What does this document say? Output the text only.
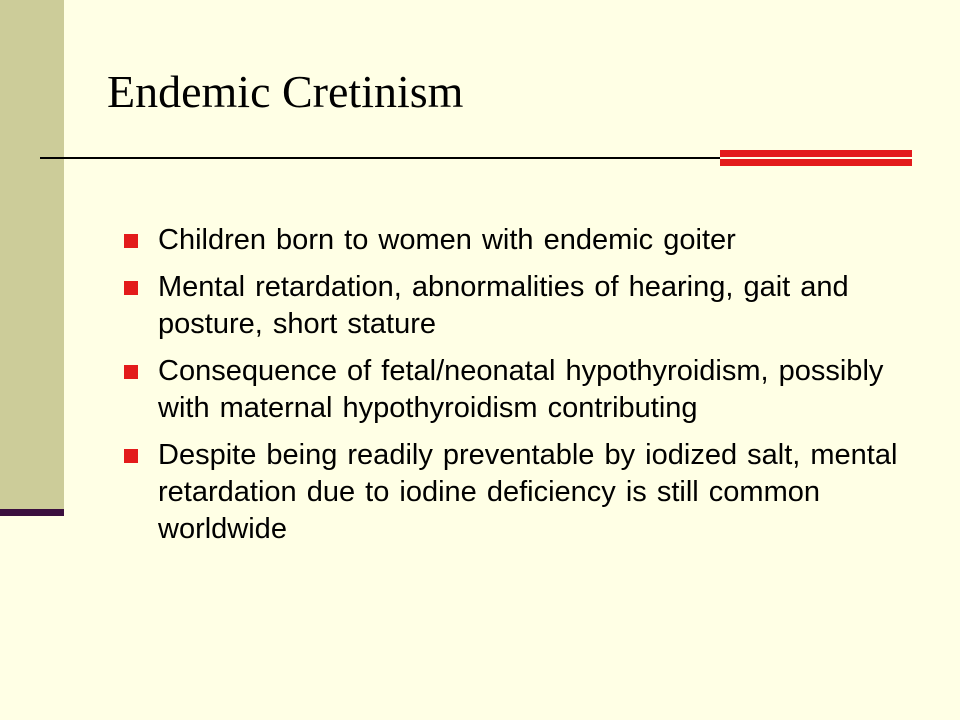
Endemic Cretinism
Children born to women with endemic goiter
Mental retardation, abnormalities of hearing, gait and posture, short stature
Consequence of fetal/neonatal hypothyroidism, possibly with maternal hypothyroidism contributing
Despite being readily preventable by iodized salt, mental retardation due to iodine deficiency is still common worldwide
